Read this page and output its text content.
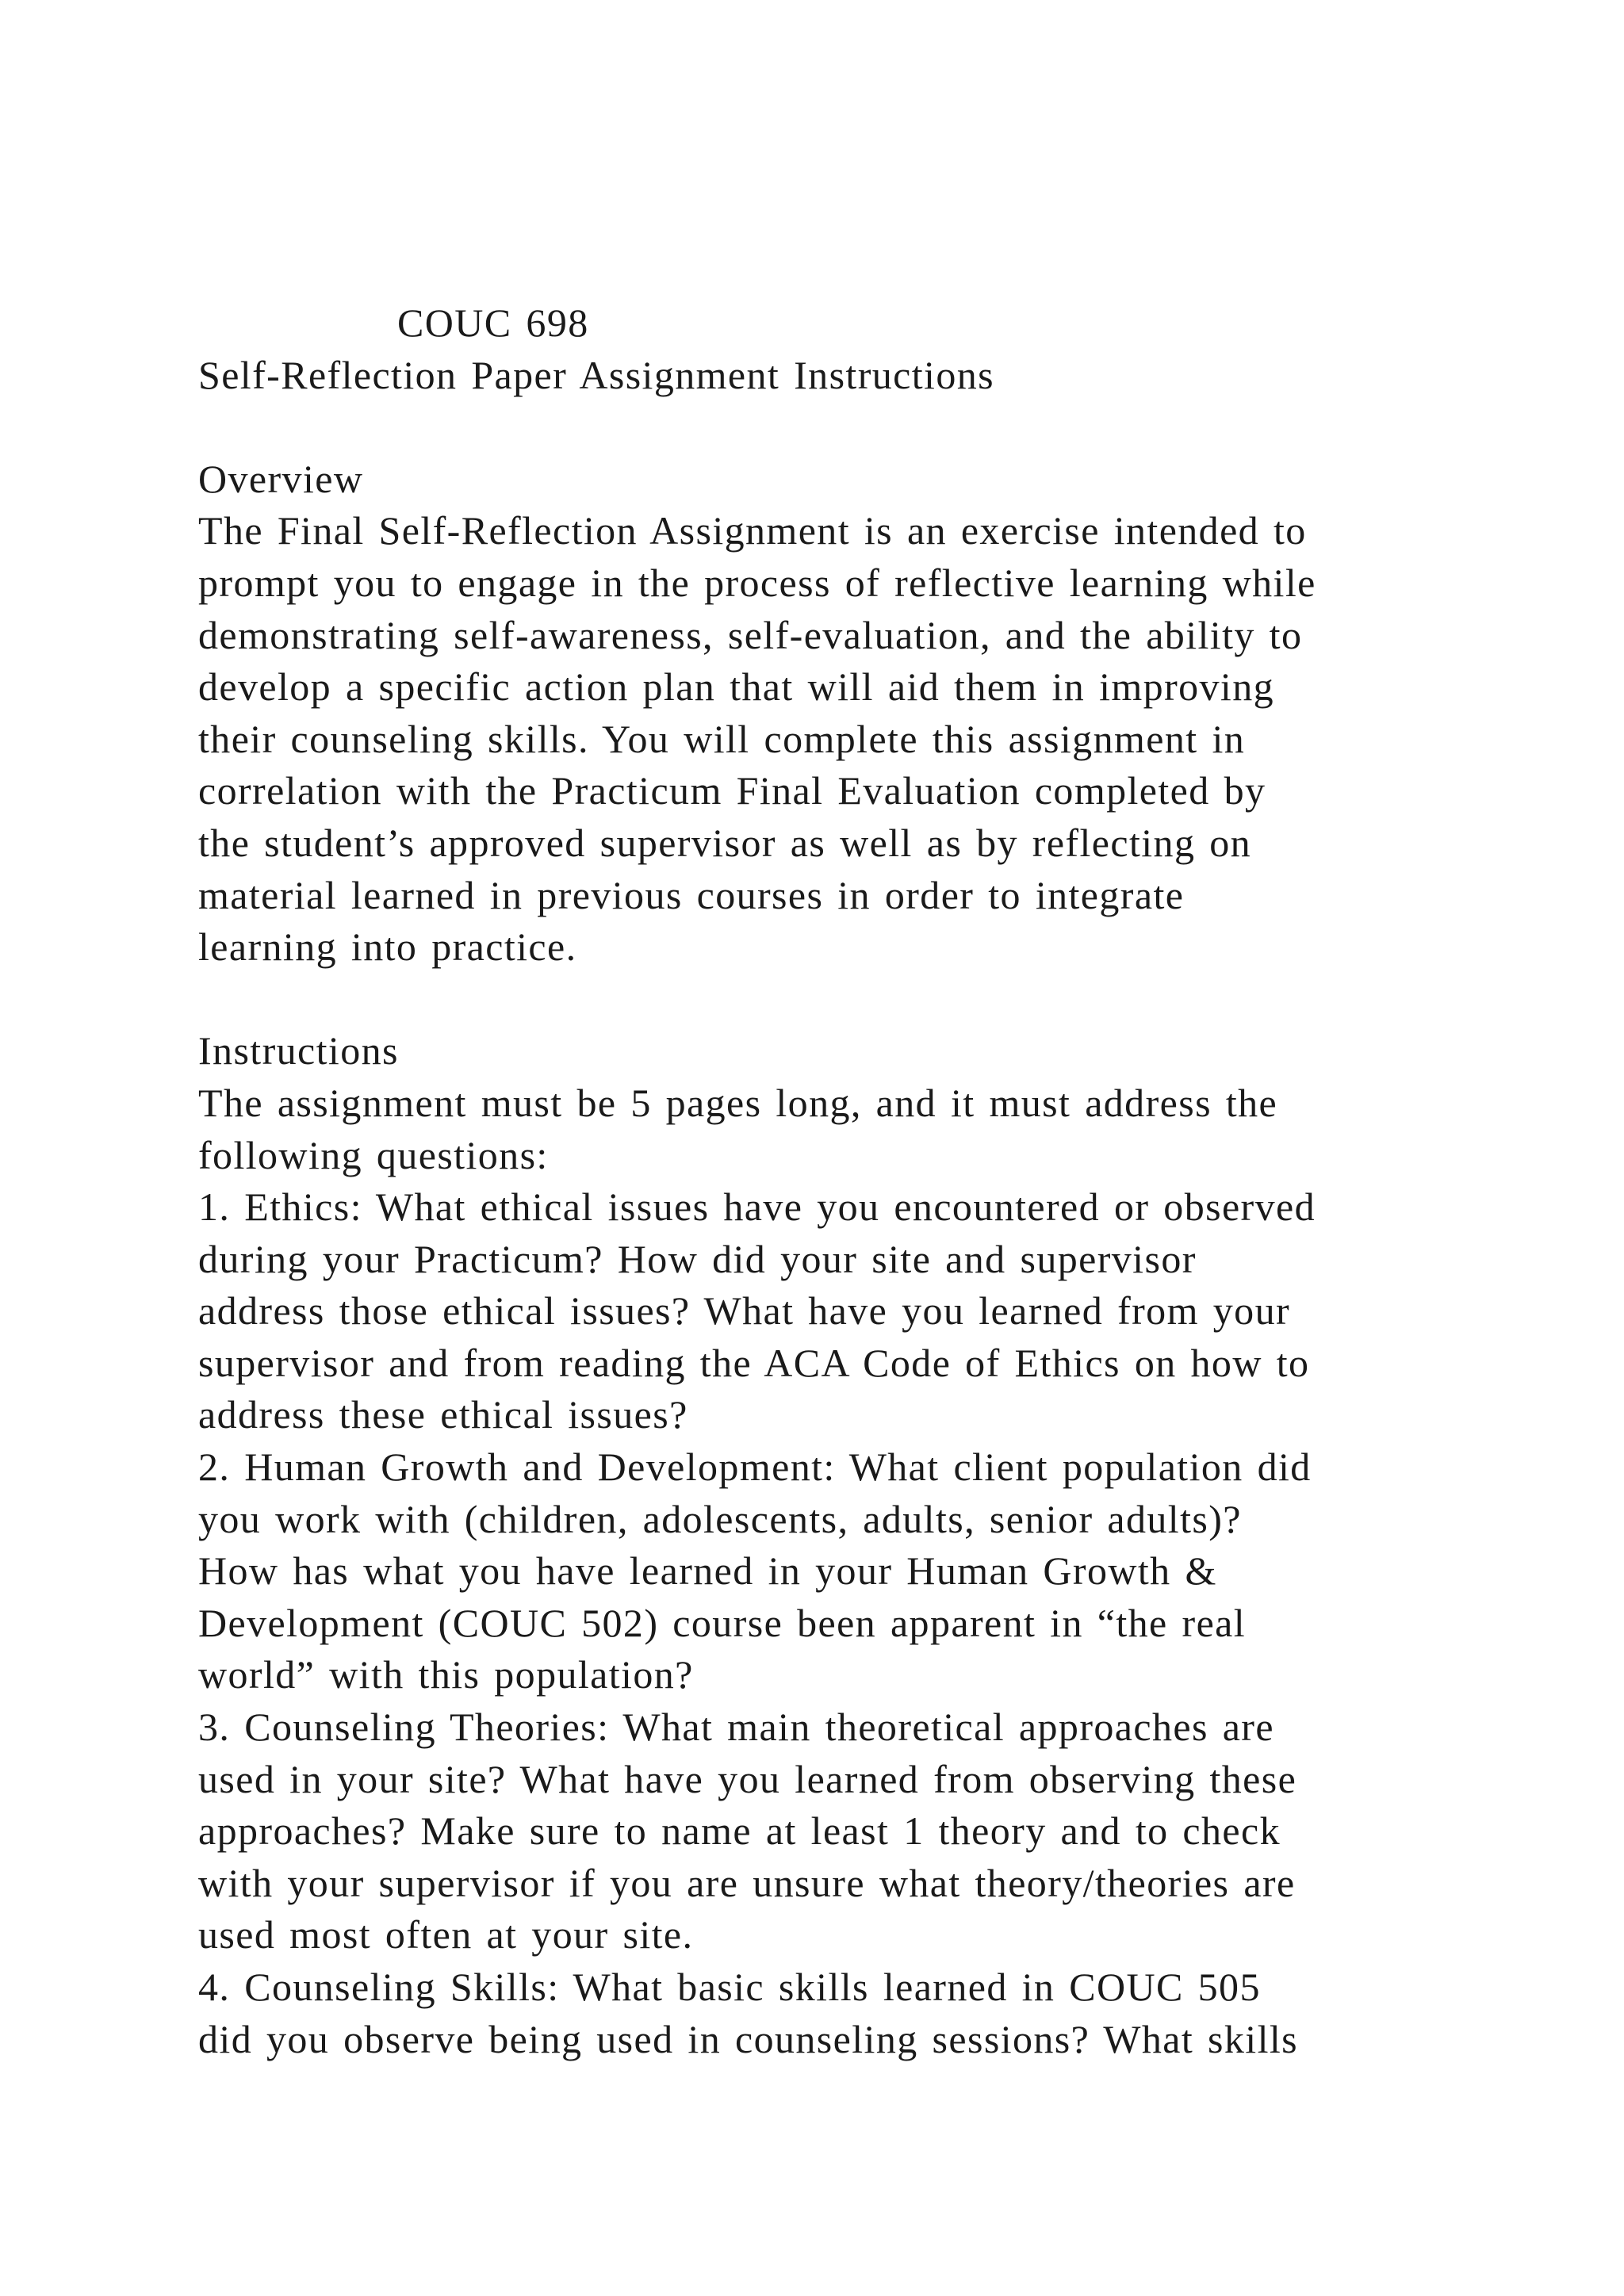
COUC 698
Self-Reflection Paper Assignment Instructions
Overview
The Final Self-Reflection Assignment is an exercise intended to
prompt you to engage in the process of reflective learning while
demonstrating self-awareness, self-evaluation, and the ability to
develop a specific action plan that will aid them in improving
their counseling skills. You will complete this assignment in
correlation with the Practicum Final Evaluation completed by
the student’s approved supervisor as well as by reflecting on
material learned in previous courses in order to integrate
learning into practice.
Instructions
The assignment must be 5 pages long, and it must address the
following questions:
1. Ethics: What ethical issues have you encountered or observed
during your Practicum? How did your site and supervisor
address those ethical issues? What have you learned from your
supervisor and from reading the ACA Code of Ethics on how to
address these ethical issues?
2. Human Growth and Development: What client population did
you work with (children, adolescents, adults, senior adults)?
How has what you have learned in your Human Growth &
Development (COUC 502) course been apparent in “the real
world” with this population?
3. Counseling Theories: What main theoretical approaches are
used in your site? What have you learned from observing these
approaches? Make sure to name at least 1 theory and to check
with your supervisor if you are unsure what theory/theories are
used most often at your site.
4. Counseling Skills: What basic skills learned in COUC 505
did you observe being used in counseling sessions? What skills
